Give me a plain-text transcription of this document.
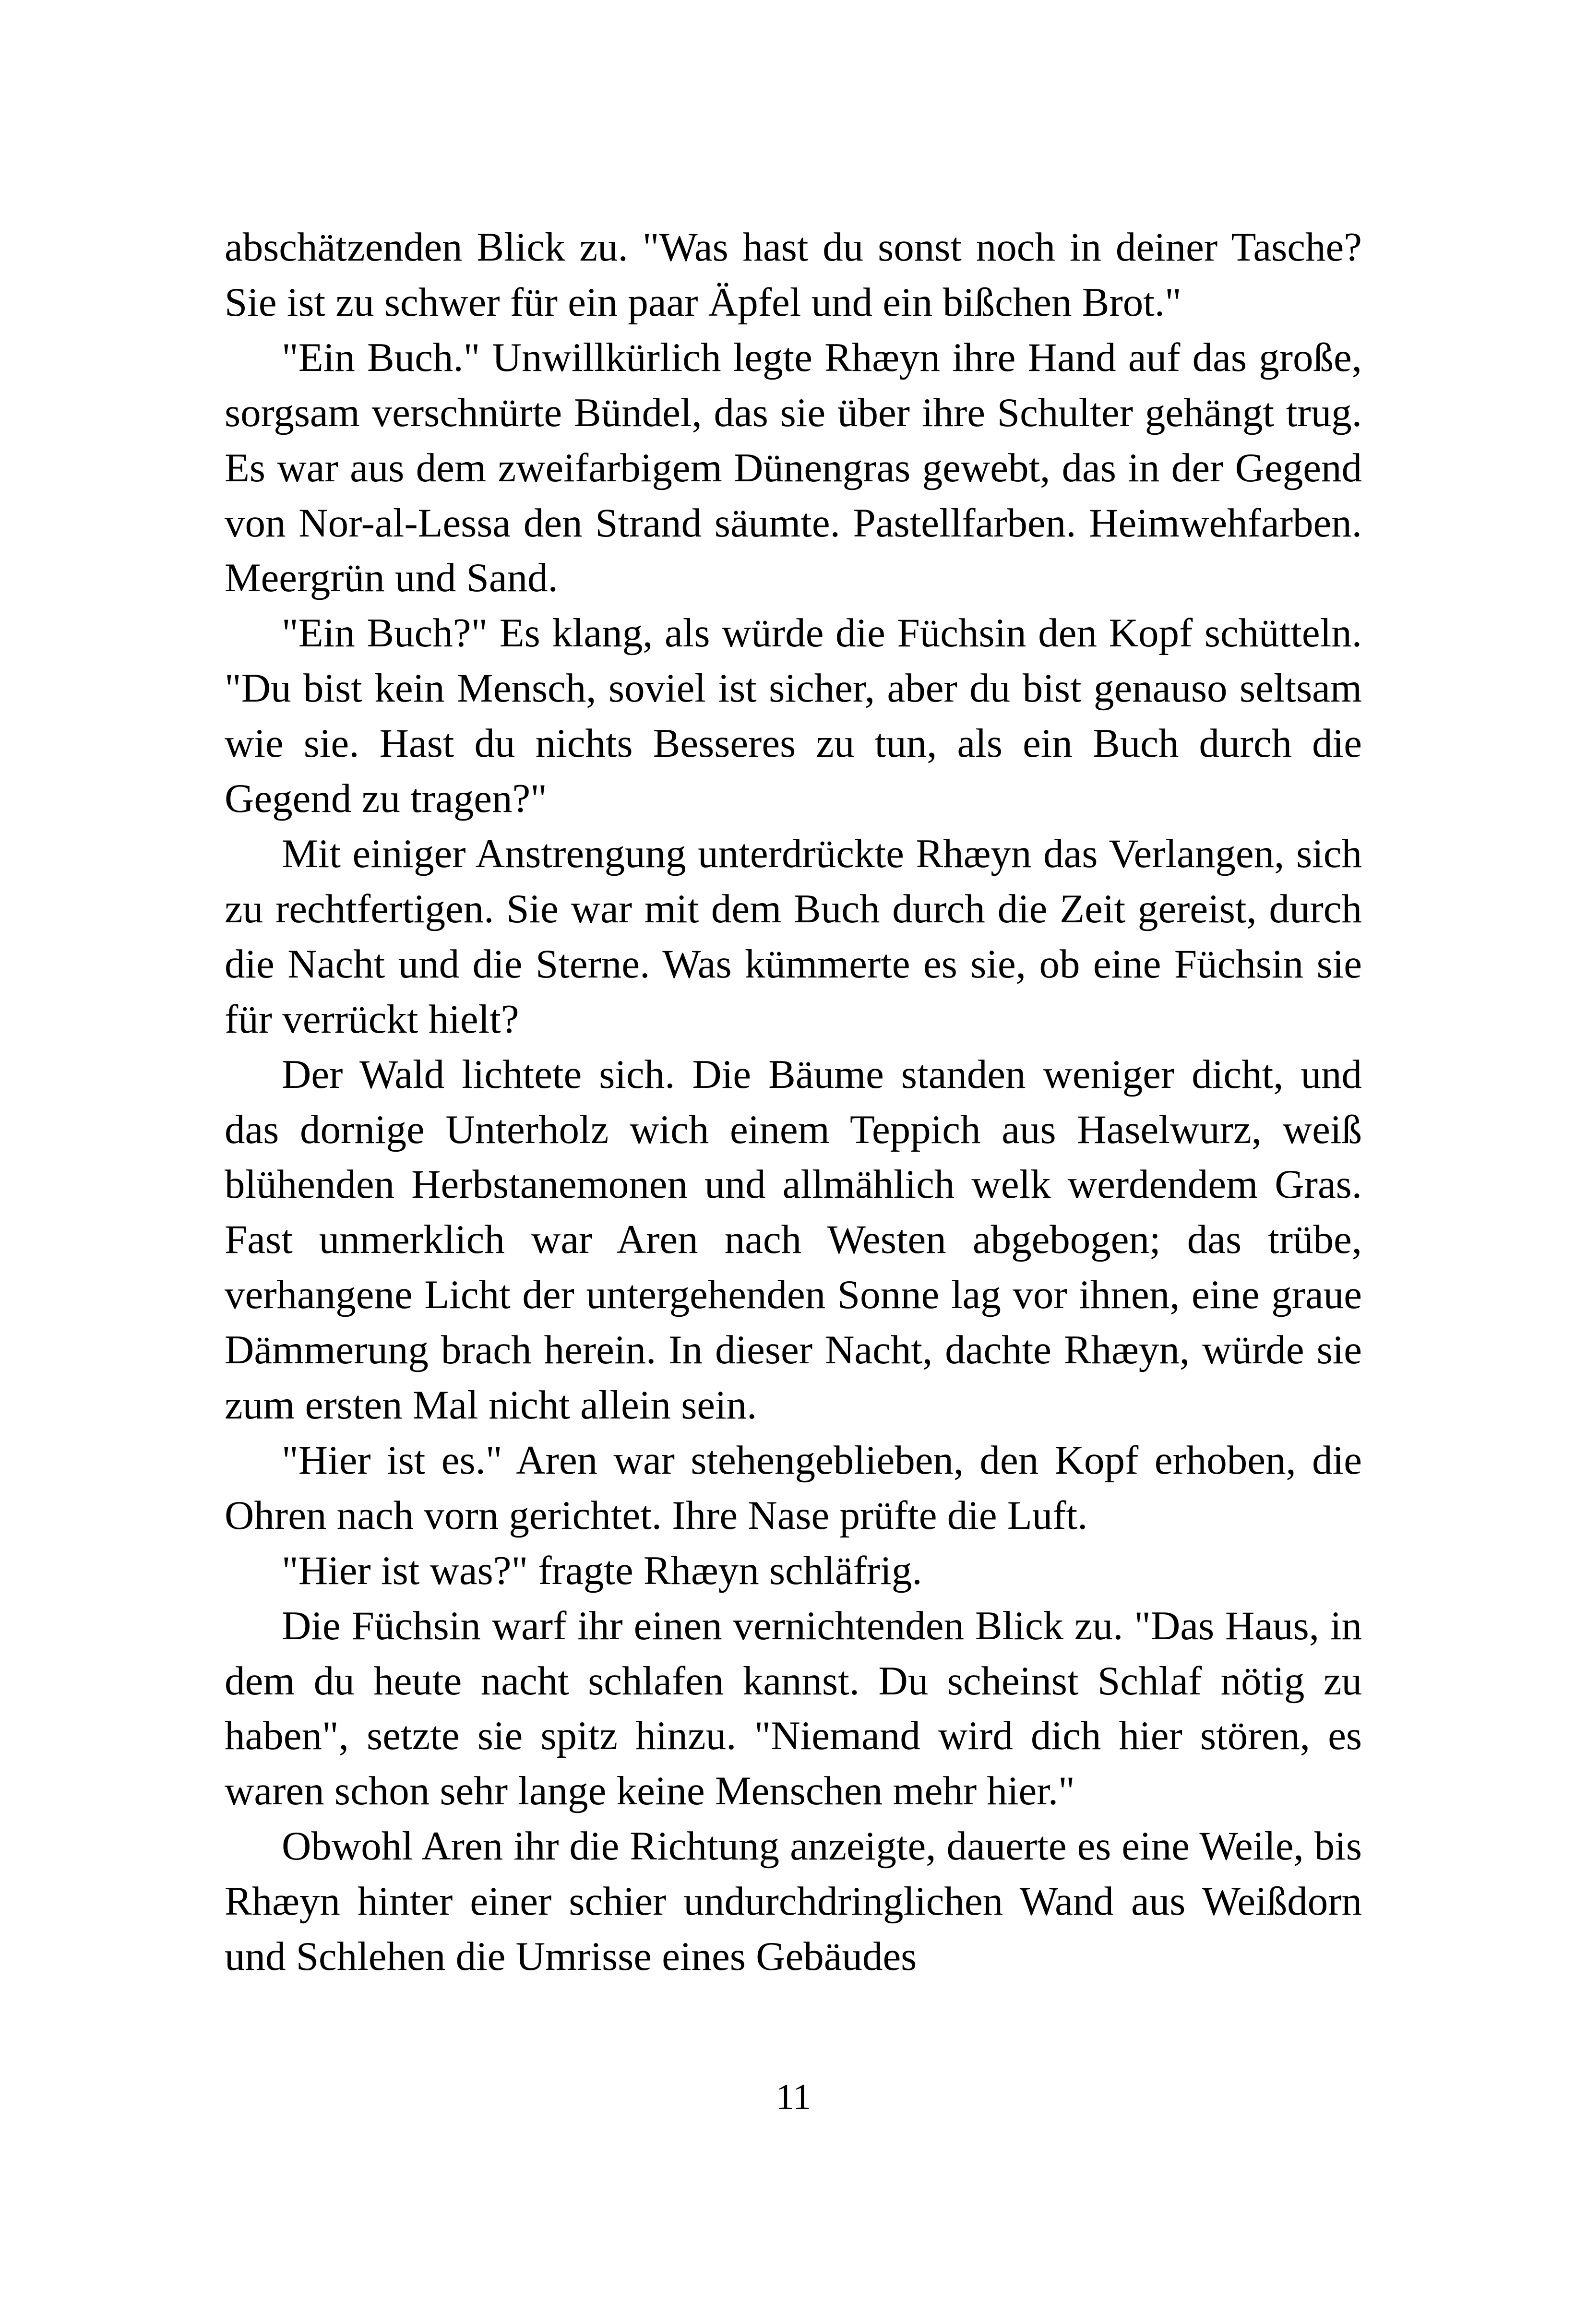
abschätzenden Blick zu. "Was hast du sonst noch in deiner Tasche? Sie ist zu schwer für ein paar Äpfel und ein bißchen Brot."

"Ein Buch." Unwillkürlich legte Rhæyn ihre Hand auf das große, sorgsam verschnürte Bündel, das sie über ihre Schulter gehängt trug. Es war aus dem zweifarbigem Dünengras gewebt, das in der Gegend von Nor-al-Lessa den Strand säumte. Pastellfarben. Heimwehfarben. Meergrün und Sand.

"Ein Buch?" Es klang, als würde die Füchsin den Kopf schütteln. "Du bist kein Mensch, soviel ist sicher, aber du bist genauso seltsam wie sie. Hast du nichts Besseres zu tun, als ein Buch durch die Gegend zu tragen?"

Mit einiger Anstrengung unterdrückte Rhæyn das Verlangen, sich zu rechtfertigen. Sie war mit dem Buch durch die Zeit gereist, durch die Nacht und die Sterne. Was kümmerte es sie, ob eine Füchsin sie für verrückt hielt?

Der Wald lichtete sich. Die Bäume standen weniger dicht, und das dornige Unterholz wich einem Teppich aus Haselwurz, weiß blühenden Herbstanemonen und allmählich welk werdendem Gras. Fast unmerklich war Aren nach Westen abgebogen; das trübe, verhangene Licht der untergehenden Sonne lag vor ihnen, eine graue Dämmerung brach herein. In dieser Nacht, dachte Rhæyn, würde sie zum ersten Mal nicht allein sein.

"Hier ist es." Aren war stehengeblieben, den Kopf erhoben, die Ohren nach vorn gerichtet. Ihre Nase prüfte die Luft.

"Hier ist was?" fragte Rhæyn schläfrig.

Die Füchsin warf ihr einen vernichtenden Blick zu. "Das Haus, in dem du heute nacht schlafen kannst. Du scheinst Schlaf nötig zu haben", setzte sie spitz hinzu. "Niemand wird dich hier stören, es waren schon sehr lange keine Menschen mehr hier."

Obwohl Aren ihr die Richtung anzeigte, dauerte es eine Weile, bis Rhæyn hinter einer schier undurchdringlichen Wand aus Weißdorn und Schlehen die Umrisse eines Gebäudes

11
